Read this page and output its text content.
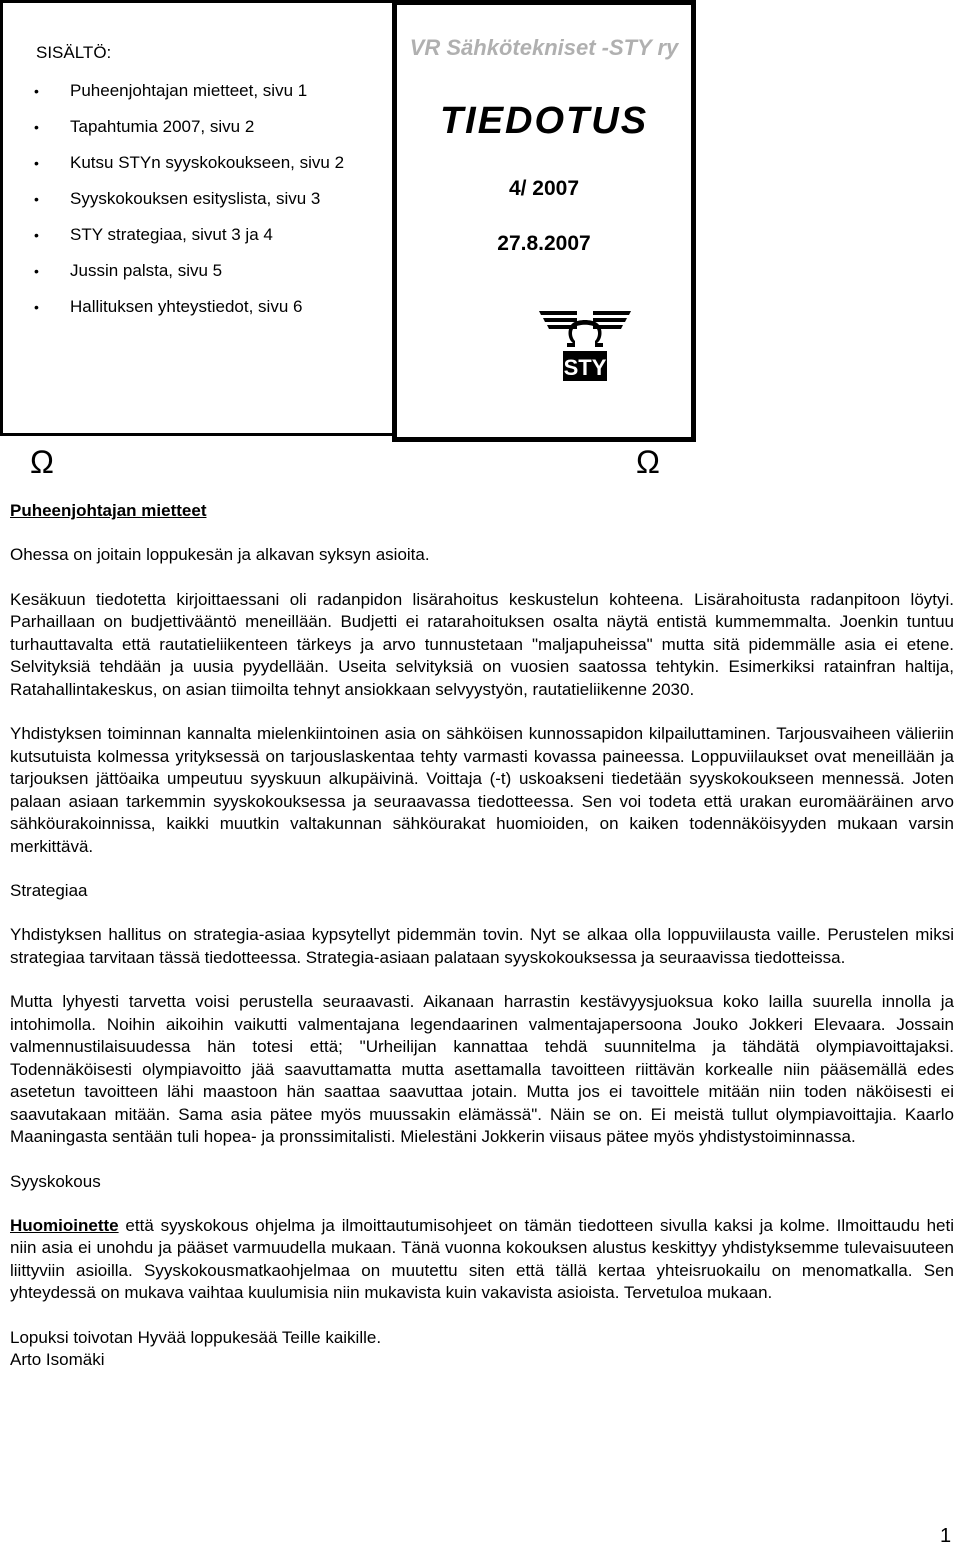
SISÄLTÖ:
• Puheenjohtajan mietteet, sivu 1
• Tapahtumia 2007, sivu 2
• Kutsu STYn syyskokoukseen, sivu 2
• Syyskokouksen esityslista, sivu 3
• STY strategiaa, sivut 3 ja 4
• Jussin palsta, sivu 5
• Hallituksen yhteystiedot, sivu 6
VR Sähkötekniset -STY ry
TIEDOTUS
4/ 2007
27.8.2007
STY
Ω	Ω
Puheenjohtajan mietteet

Ohessa on joitain loppukesän ja alkavan syksyn asioita.

Kesäkuun tiedotetta kirjoittaessani oli radanpidon lisärahoitus keskustelun kohteena. Lisärahoitusta radanpitoon löytyi. Parhaillaan on budjettivääntö meneillään. Budjetti ei ratarahoituksen osalta näytä entistä kummemmalta. Joenkin tuntuu turhauttavalta että rautatieliikenteen tärkeys ja arvo tunnustetaan "maljapuheissa" mutta sitä pidemmälle asia ei etene. Selvityksiä tehdään ja uusia pyydellään. Useita selvityksiä on vuosien saatossa tehtykin. Esimerkiksi ratainfran haltija, Ratahallintakeskus, on asian tiimoilta tehnyt ansiokkaan selvyystyön, rautatieliikenne 2030.

Yhdistyksen toiminnan kannalta mielenkiintoinen asia on sähköisen kunnossapidon kilpailuttaminen. Tarjousvaiheen välieriin kutsutuista kolmessa yrityksessä on tarjouslaskentaa tehty varmasti kovassa paineessa. Loppuviilaukset ovat meneillään ja tarjouksen jättöaika umpeutuu syyskuun alkupäivinä. Voittaja (-t) uskoakseni tiedetään syyskokoukseen mennessä. Joten palaan asiaan tarkemmin syyskokouksessa ja seuraavassa tiedotteessa. Sen voi todeta että urakan euromääräinen arvo sähköurakoinnissa, kaikki muutkin valtakunnan sähköurakat huomioiden, on kaiken todennäköisyyden mukaan varsin merkittävä.

Strategiaa

Yhdistyksen hallitus on strategia-asiaa kypsytellyt pidemmän tovin. Nyt se alkaa olla loppuviilausta vaille. Perustelen miksi strategiaa tarvitaan tässä tiedotteessa. Strategia-asiaan palataan syyskokouksessa ja seuraavissa tiedotteissa.

Mutta lyhyesti tarvetta voisi perustella seuraavasti. Aikanaan harrastin kestävyysjuoksua koko lailla suurella innolla ja intohimolla. Noihin aikoihin vaikutti valmentajana legendaarinen valmentajapersoona Jouko Jokkeri Elevaara. Jossain valmennustilaisuudessa hän totesi että; "Urheilijan kannattaa tehdä suunnitelma ja tähdätä olympiavoittajaksi. Todennäköisesti olympiavoitto jää saavuttamatta mutta asettamalla tavoitteen riittävän korkealle niin pääsemällä edes asetetun tavoitteen lähi maastoon hän saattaa saavuttaa jotain. Mutta jos ei tavoittele mitään niin toden näköisesti ei saavutakaan mitään. Sama asia pätee myös muussakin elämässä". Näin se on. Ei meistä tullut olympiavoittajia. Kaarlo Maaningasta sentään tuli hopea- ja pronssimitalisti. Mielestäni Jokkerin viisaus pätee myös yhdistystoiminnassa.

Syyskokous

Huomioinette että syyskokous ohjelma ja ilmoittautumisohjeet on tämän tiedotteen sivulla kaksi ja kolme. Ilmoittaudu heti niin asia ei unohdu ja pääset varmuudella mukaan. Tänä vuonna kokouksen alustus keskittyy yhdistyksemme tulevaisuuteen liittyviin asioilla. Syyskokousmatkaohjelmaa on muutettu siten että tällä kertaa yhteisruokailu on menomatkalla. Sen yhteydessä on mukava vaihtaa kuulumisia niin mukavista kuin vakavista asioista. Tervetuloa mukaan.

Lopuksi toivotan Hyvää loppukesää Teille kaikille.

Arto Isomäki

1
